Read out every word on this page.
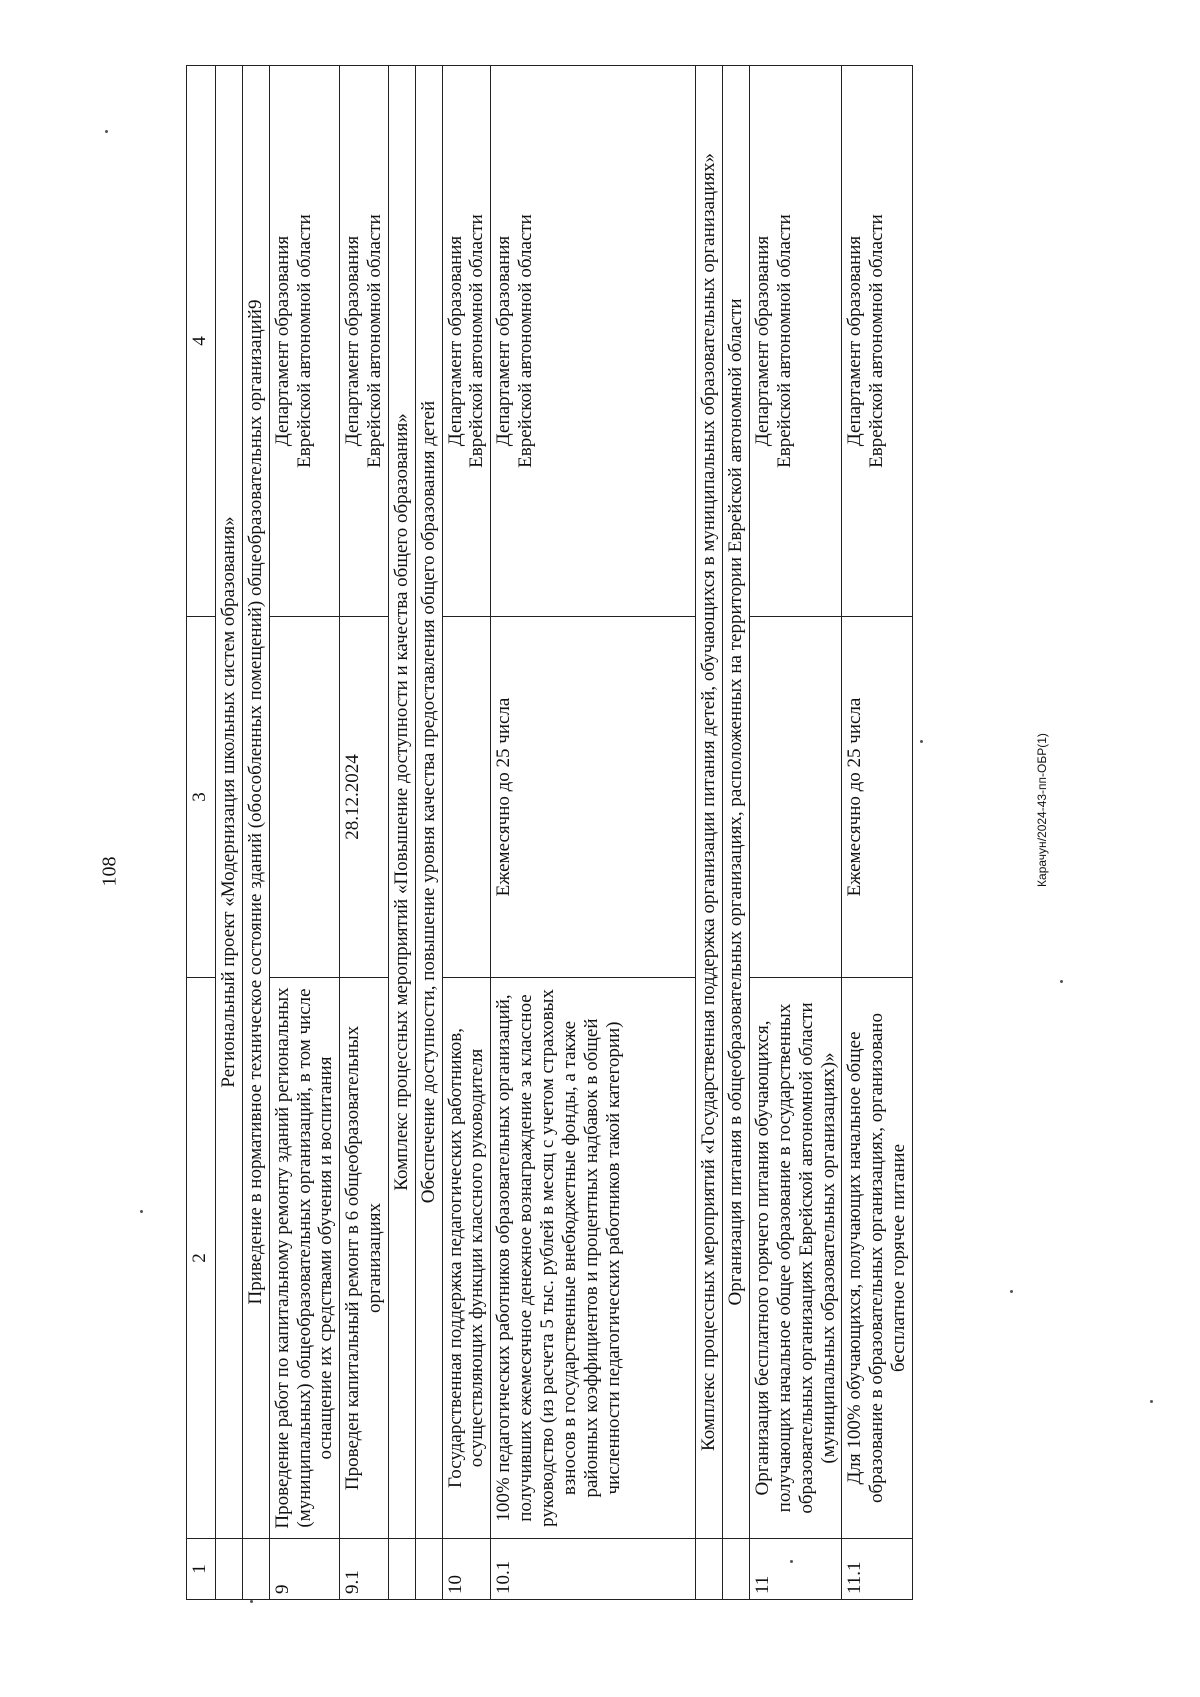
108	Карачун/2024-43-пп-ОБР(1)
1	2	3	4
	Региональный проект «Модернизация школьных систем образования»		
	Приведение в нормативное техническое состояние зданий (обособленных помещений) общеобразовательных организаций9		
9	Проведение работ по капитальному ремонту зданий региональных (муниципальных) общеобразовательных организаций, в том числе оснащение их средствами обучения и воспитания		Департамент образования Еврейской автономной области

9.1	Проведен капитальный ремонт в 6 общеобразовательных организациях	28.12.2024	Департамент образования Еврейской автономной области

	Комплекс процессных мероприятий «Повышение доступности и качества общего образования»		
	Обеспечение доступности, повышение уровня качества предоставления общего образования детей		
10	Государственная поддержка педагогических работников, осуществляющих функции классного руководителя		Департамент образования Еврейской автономной области

10.1	100% педагогических работников образовательных организаций, получивших ежемесячное денежное вознаграждение за классное руководство (из расчета 5 тыс. рублей в месяц с учетом страховых взносов в государственные внебюджетные фонды, а также районных коэффициентов и процентных надбавок в общей численности педагогических работников такой категории)	Ежемесячно до 25 числа	Департамент образования Еврейской автономной области

	Комплекс процессных мероприятий «Государственная поддержка организации питания детей, обучающихся в муниципальных образовательных организациях»		
	Организация питания в общеобразовательных организациях, расположенных на территории Еврейской автономной области		
11	Организация бесплатного горячего питания обучающихся, получающих начальное общее образование в государственных образовательных организациях Еврейской автономной области (муниципальных образовательных организациях)»		Департамент образования Еврейской автономной области

11.1	Для 100% обучающихся, получающих начальное общее образование в образовательных организациях, организовано бесплатное горячее питание	Ежемесячно до 25 числа	Департамент образования Еврейской автономной области
